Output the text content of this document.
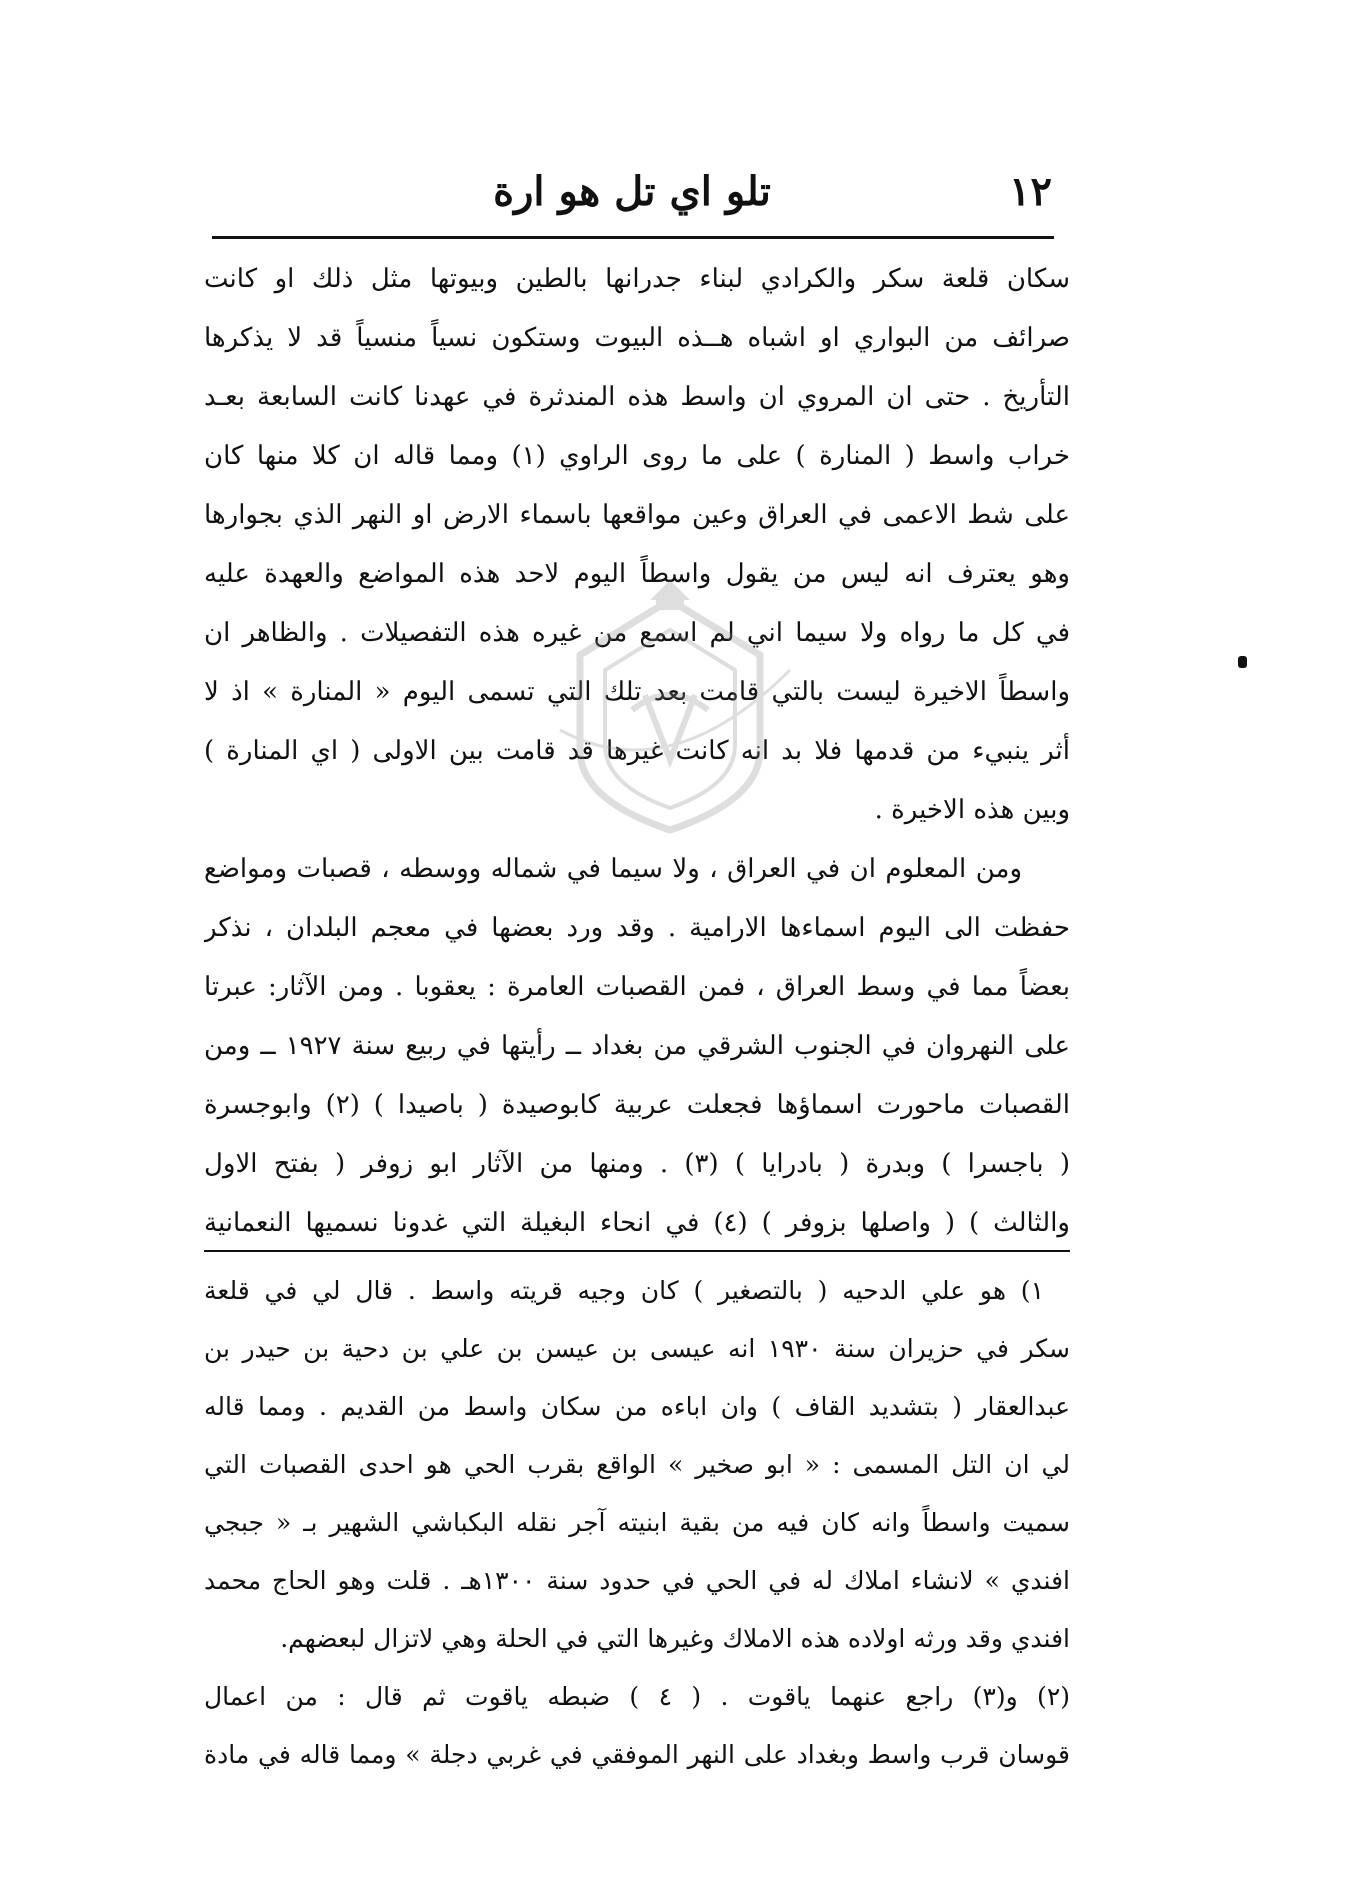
١٢
تلو اي تل هو ارة
سكان قلعة سكر والكرادي لبناء جدرانها بالطين وبيوتها مثل ذلك او كانت
صرائف من البواري او اشباه هــذه البيوت وستكون نسياً منسياً قد لا يذكرها
التأريخ . حتى ان المروي ان واسط هذه المندثرة في عهدنا كانت السابعة بعـد
خراب واسط ( المنارة ) على ما روى الراوي (١) ومما قاله ان كلا منها كان
على شط الاعمى في العراق وعين مواقعها باسماء الارض او النهر الذي بجوارها
وهو يعترف انه ليس من يقول واسطاً اليوم لاحد هذه المواضع والعهدة عليه
في كل ما رواه ولا سيما اني لم اسمع من غيره هذه التفصيلات . والظاهر ان
واسطاً الاخيرة ليست بالتي قامت بعد تلك التي تسمى اليوم « المنارة » اذ لا
أثر ينبيء من قدمها فلا بد انه كانت غيرها قد قامت بين الاولى ( اي المنارة )
وبين هذه الاخيرة .
ومن المعلوم ان في العراق ، ولا سيما في شماله ووسطه ، قصبات ومواضع
حفظت الى اليوم اسماءها الارامية . وقد ورد بعضها في معجم البلدان ، نذكر
بعضاً مما في وسط العراق ، فمن القصبات العامرة : يعقوبا . ومن الآثار: عبرتا
على النهروان في الجنوب الشرقي من بغداد ــ رأيتها في ربيع سنة ١٩٢٧ ــ ومن
القصبات ماحورت اسماؤها فجعلت عربية كابوصيدة ( باصيدا ) (٢) وابوجسرة
( باجسرا ) وبدرة ( بادرايا ) (٣) . ومنها من الآثار ابو زوفر ( بفتح الاول
والثالث ) ( واصلها بزوفر ) (٤) في انحاء البغيلة التي غدونا نسميها النعمانية
١) هو علي الدحيه ( بالتصغير ) كان وجيه قريته واسط . قال لي في قلعة
سكر في حزيران سنة ١٩٣٠ انه عيسى بن عيسن بن علي بن دحية بن حيدر بن
عبدالعقار ( بتشديد القاف ) وان اباءه من سكان واسط من القديم . ومما قاله
لي ان التل المسمى : « ابو صخير » الواقع بقرب الحي هو احدى القصبات التي
سميت واسطاً وانه كان فيه من بقية ابنيته آجر نقله البكباشي الشهير بـ « جبجي
افندي » لانشاء املاك له في الحي في حدود سنة ١٣٠٠هـ . قلت وهو الحاج محمد
افندي وقد ورثه اولاده هذه الاملاك وغيرها التي في الحلة وهي لاتزال لبعضهم.
(٢) و(٣) راجع عنهما ياقوت . ( ٤ ) ضبطه ياقوت ثم قال : من اعمال
قوسان قرب واسط وبغداد على النهر الموفقي في غربي دجلة » ومما قاله في مادة
